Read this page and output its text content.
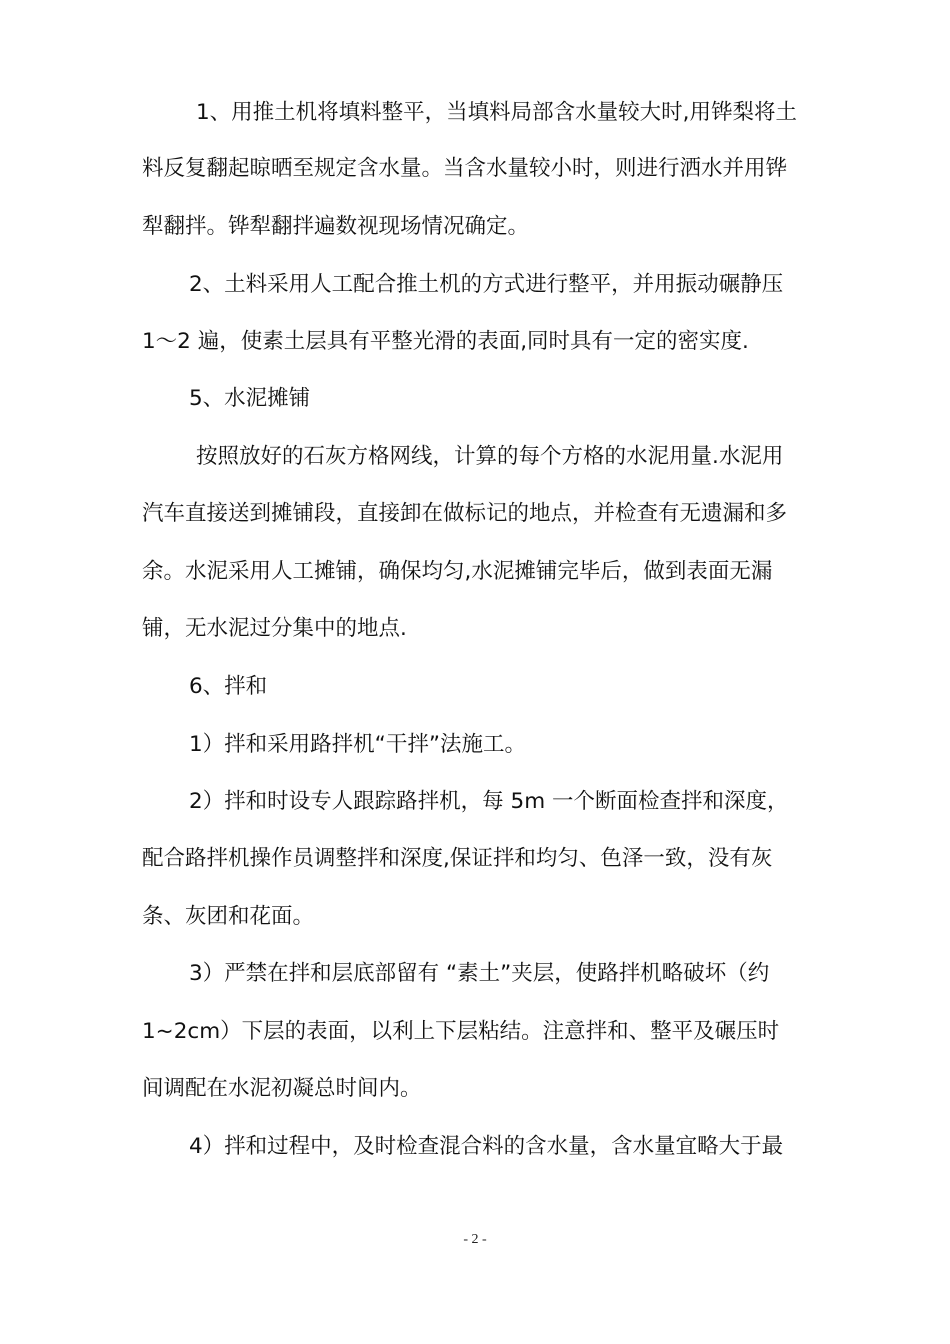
1、用推土机将填料整平，当填料局部含水量较大时,用铧梨将土
料反复翻起晾晒至规定含水量。当含水量较小时，则进行洒水并用铧
犁翻拌。铧犁翻拌遍数视现场情况确定。
2、土料采用人工配合推土机的方式进行整平，并用振动碾静压
1～2 遍，使素土层具有平整光滑的表面,同时具有一定的密实度.
5、水泥摊铺
按照放好的石灰方格网线，计算的每个方格的水泥用量.水泥用
汽车直接送到摊铺段，直接卸在做标记的地点，并检查有无遗漏和多
余。水泥采用人工摊铺，确保均匀,水泥摊铺完毕后，做到表面无漏
铺，无水泥过分集中的地点.
6、拌和
1）拌和采用路拌机“干拌”法施工。
2）拌和时设专人跟踪路拌机，每 5m 一个断面检查拌和深度，
配合路拌机操作员调整拌和深度,保证拌和均匀、色泽一致，没有灰
条、灰团和花面。
3）严禁在拌和层底部留有 “素土”夹层，使路拌机略破坏（约
1~2cm）下层的表面，以利上下层粘结。注意拌和、整平及碾压时
间调配在水泥初凝总时间内。
4）拌和过程中，及时检查混合料的含水量，含水量宜略大于最
- 2 -
